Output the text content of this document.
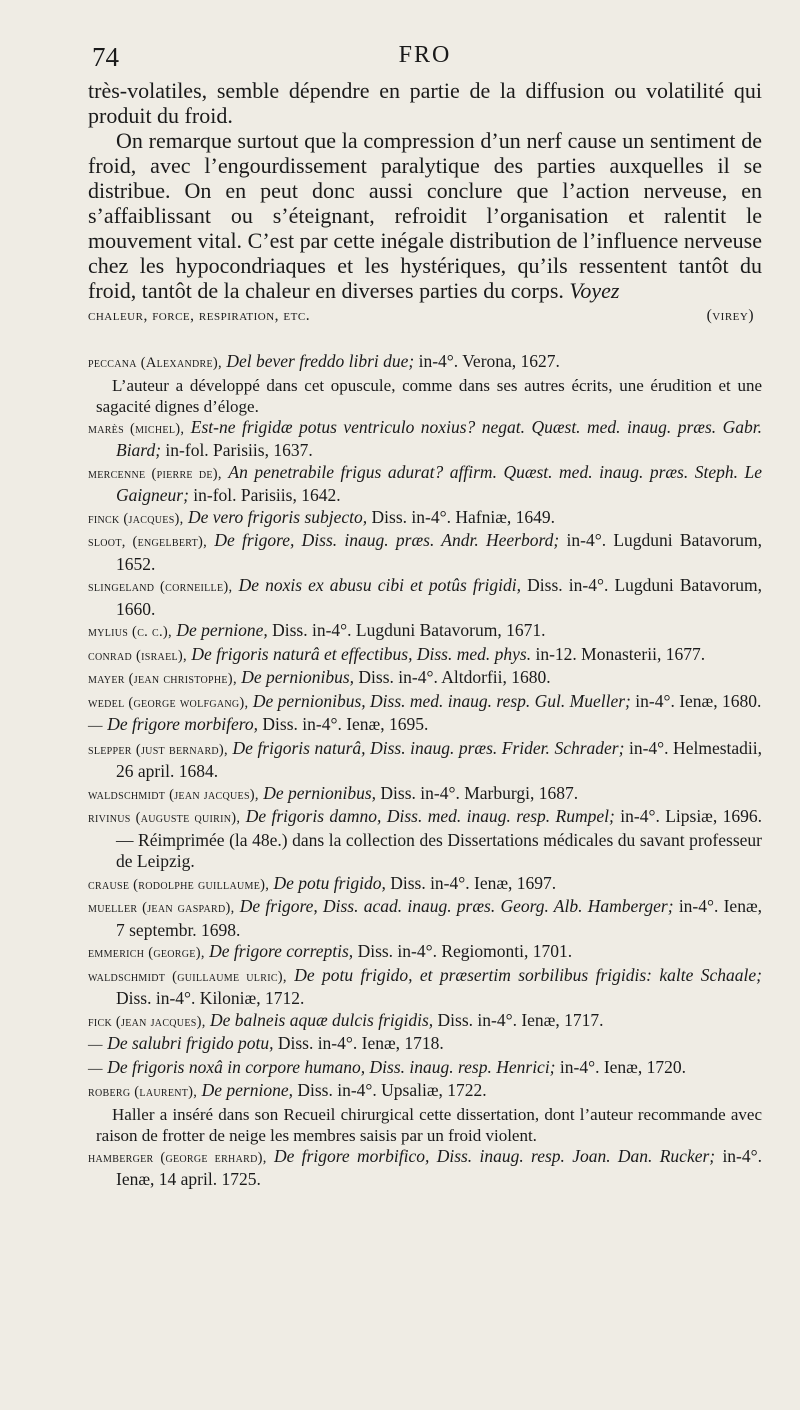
74	FRO

très-volatiles, semble dépendre en partie de la diffusion ou volatilité qui produit du froid.

On remarque surtout que la compression d’un nerf cause un sentiment de froid, avec l’engourdissement paralytique des parties auxquelles il se distribue. On en peut donc aussi conclure que l’action nerveuse, en s’affaiblissant ou s’éteignant, refroidit l’organisation et ralentit le mouvement vital. C’est par cette inégale distribution de l’influence nerveuse chez les hypocondriaques et les hystériques, qu’ils ressentent tantôt du froid, tantôt de la chaleur en diverses parties du corps. Voyez

chaleur, force, respiration, etc.	(virey)

peccana (Alexandre), Del bever freddo libri due; in-4°. Verona, 1627.

L’auteur a développé dans cet opuscule, comme dans ses autres écrits, une érudition et une sagacité dignes d’éloge.

marès (michel), Est-ne frigidæ potus ventriculo noxius? negat. Quæst. med. inaug. præs. Gabr. Biard; in-fol. Parisiis, 1637.

mercenne (pierre de), An penetrabile frigus adurat? affirm. Quæst. med. inaug. præs. Steph. Le Gaigneur; in-fol. Parisiis, 1642.

finck (jacques), De vero frigoris subjecto, Diss. in-4°. Hafniæ, 1649.

sloot, (engelbert), De frigore, Diss. inaug. præs. Andr. Heerbord; in-4°. Lugduni Batavorum, 1652.

slingeland (corneille), De noxis ex abusu cibi et potûs frigidi, Diss. in-4°. Lugduni Batavorum, 1660.

mylius (c. c.), De pernione, Diss. in-4°. Lugduni Batavorum, 1671.

conrad (israel), De frigoris naturâ et effectibus, Diss. med. phys. in-12. Monasterii, 1677.

mayer (jean christophe), De pernionibus, Diss. in-4°. Altdorfii, 1680.

wedel (george wolfgang), De pernionibus, Diss. med. inaug. resp. Gul. Mueller; in-4°. Ienæ, 1680.

— De frigore morbifero, Diss. in-4°. Ienæ, 1695.

slepper (just bernard), De frigoris naturâ, Diss. inaug. præs. Frider. Schrader; in-4°. Helmestadii, 26 april. 1684.

waldschmidt (jean jacques), De pernionibus, Diss. in-4°. Marburgi, 1687.

rivinus (auguste quirin), De frigoris damno, Diss. med. inaug. resp. Rumpel; in-4°. Lipsiæ, 1696. — Réimprimée (la 48e.) dans la collection des Dissertations médicales du savant professeur de Leipzig.

crause (rodolphe guillaume), De potu frigido, Diss. in-4°. Ienæ, 1697.

mueller (jean gaspard), De frigore, Diss. acad. inaug. præs. Georg. Alb. Hamberger; in-4°. Ienæ, 7 septembr. 1698.

emmerich (george), De frigore correptis, Diss. in-4°. Regiomonti, 1701.

waldschmidt (guillaume ulric), De potu frigido, et præsertim sorbilibus frigidis: kalte Schaale; Diss. in-4°. Kiloniæ, 1712.

fick (jean jacques), De balneis aquæ dulcis frigidis, Diss. in-4°. Ienæ, 1717.

— De salubri frigido potu, Diss. in-4°. Ienæ, 1718.

— De frigoris noxâ in corpore humano, Diss. inaug. resp. Henrici; in-4°. Ienæ, 1720.

roberg (laurent), De pernione, Diss. in-4°. Upsaliæ, 1722.

Haller a inséré dans son Recueil chirurgical cette dissertation, dont l’auteur recommande avec raison de frotter de neige les membres saisis par un froid violent.

hamberger (george erhard), De frigore morbifico, Diss. inaug. resp. Joan. Dan. Rucker; in-4°. Ienæ, 14 april. 1725.
